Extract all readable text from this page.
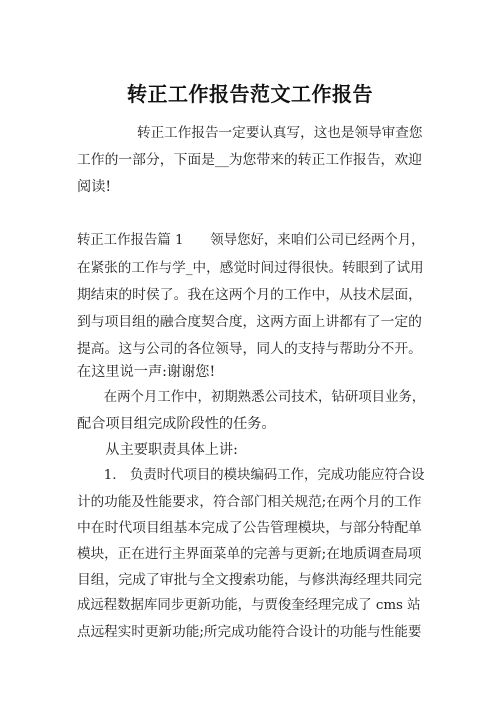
转正工作报告范文工作报告
转正工作报告一定要认真写，这也是领导审查您
工作的一部分，下面是__为您带来的转正工作报告，欢迎
阅读!
转正工作报告篇 1　　领导您好，来咱们公司已经两个月，
在紧张的工作与学_中，感觉时间过得很快。转眼到了试用
期结束的时侯了。我在这两个月的工作中，从技术层面，
到与项目组的融合度契合度，这两方面上讲都有了一定的
提高。这与公司的各位领导，同人的支持与帮助分不开。
在这里说一声:谢谢您!
　　在两个月工作中，初期熟悉公司技术，钻研项目业务，
配合项目组完成阶段性的任务。
　　从主要职责具体上讲:
　　1.　负责时代项目的模块编码工作，完成功能应符合设
计的功能及性能要求，符合部门相关规范;在两个月的工作
中在时代项目组基本完成了公告管理模块，与部分特配单
模块，正在进行主界面菜单的完善与更新;在地质调查局项
目组，完成了审批与全文搜索功能，与修洪海经理共同完
成远程数据库同步更新功能，与贾俊奎经理完成了 cms 站
点远程实时更新功能;所完成功能符合设计的功能与性能要
